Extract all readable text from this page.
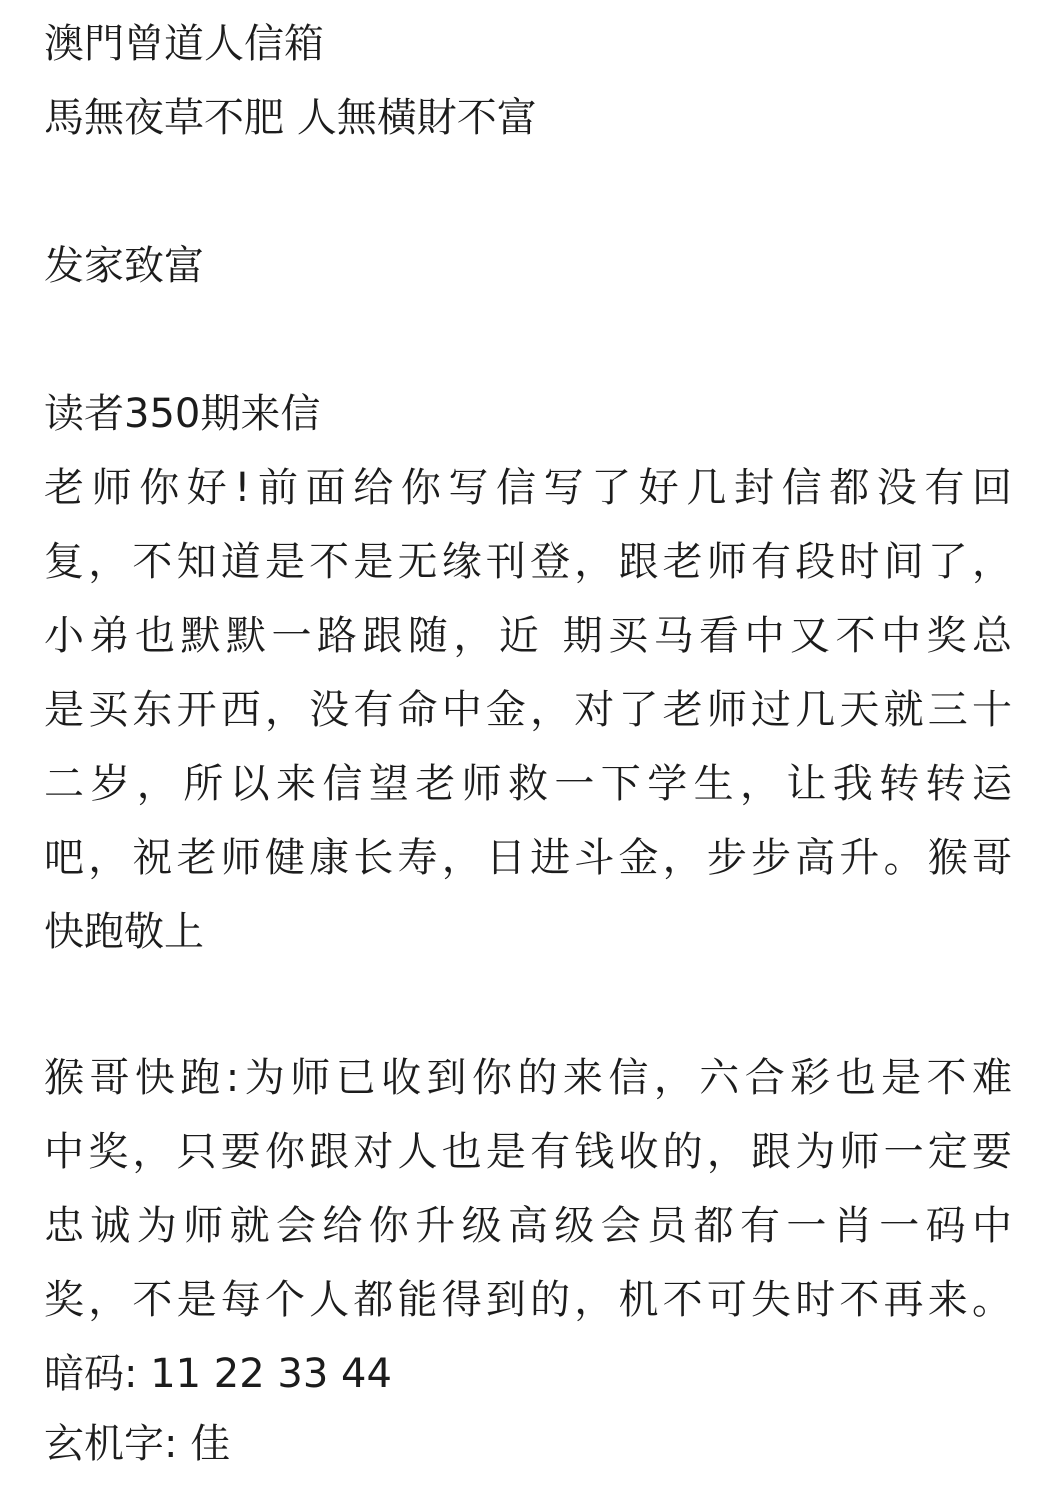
澳門曾道人信箱
馬無夜草不肥 人無橫財不富
发家致富
读者350期来信
老师你好!前面给你写信写了好几封信都没有回
复，不知道是不是无缘刊登，跟老师有段时间了，
小弟也默默一路跟随，近 期买马看中又不中奖总
是买东开西，没有命中金，对了老师过几天就三十
二岁，所以来信望老师救一下学生，让我转转运
吧，祝老师健康长寿，日进斗金，步步高升。猴哥
快跑敬上
猴哥快跑:为师已收到你的来信，六合彩也是不难
中奖，只要你跟对人也是有钱收的，跟为师一定要
忠诚为师就会给你升级高级会员都有一肖一码中
奖，不是每个人都能得到的，机不可失时不再来。
暗码: 11 22 33 44
玄机字: 佳
